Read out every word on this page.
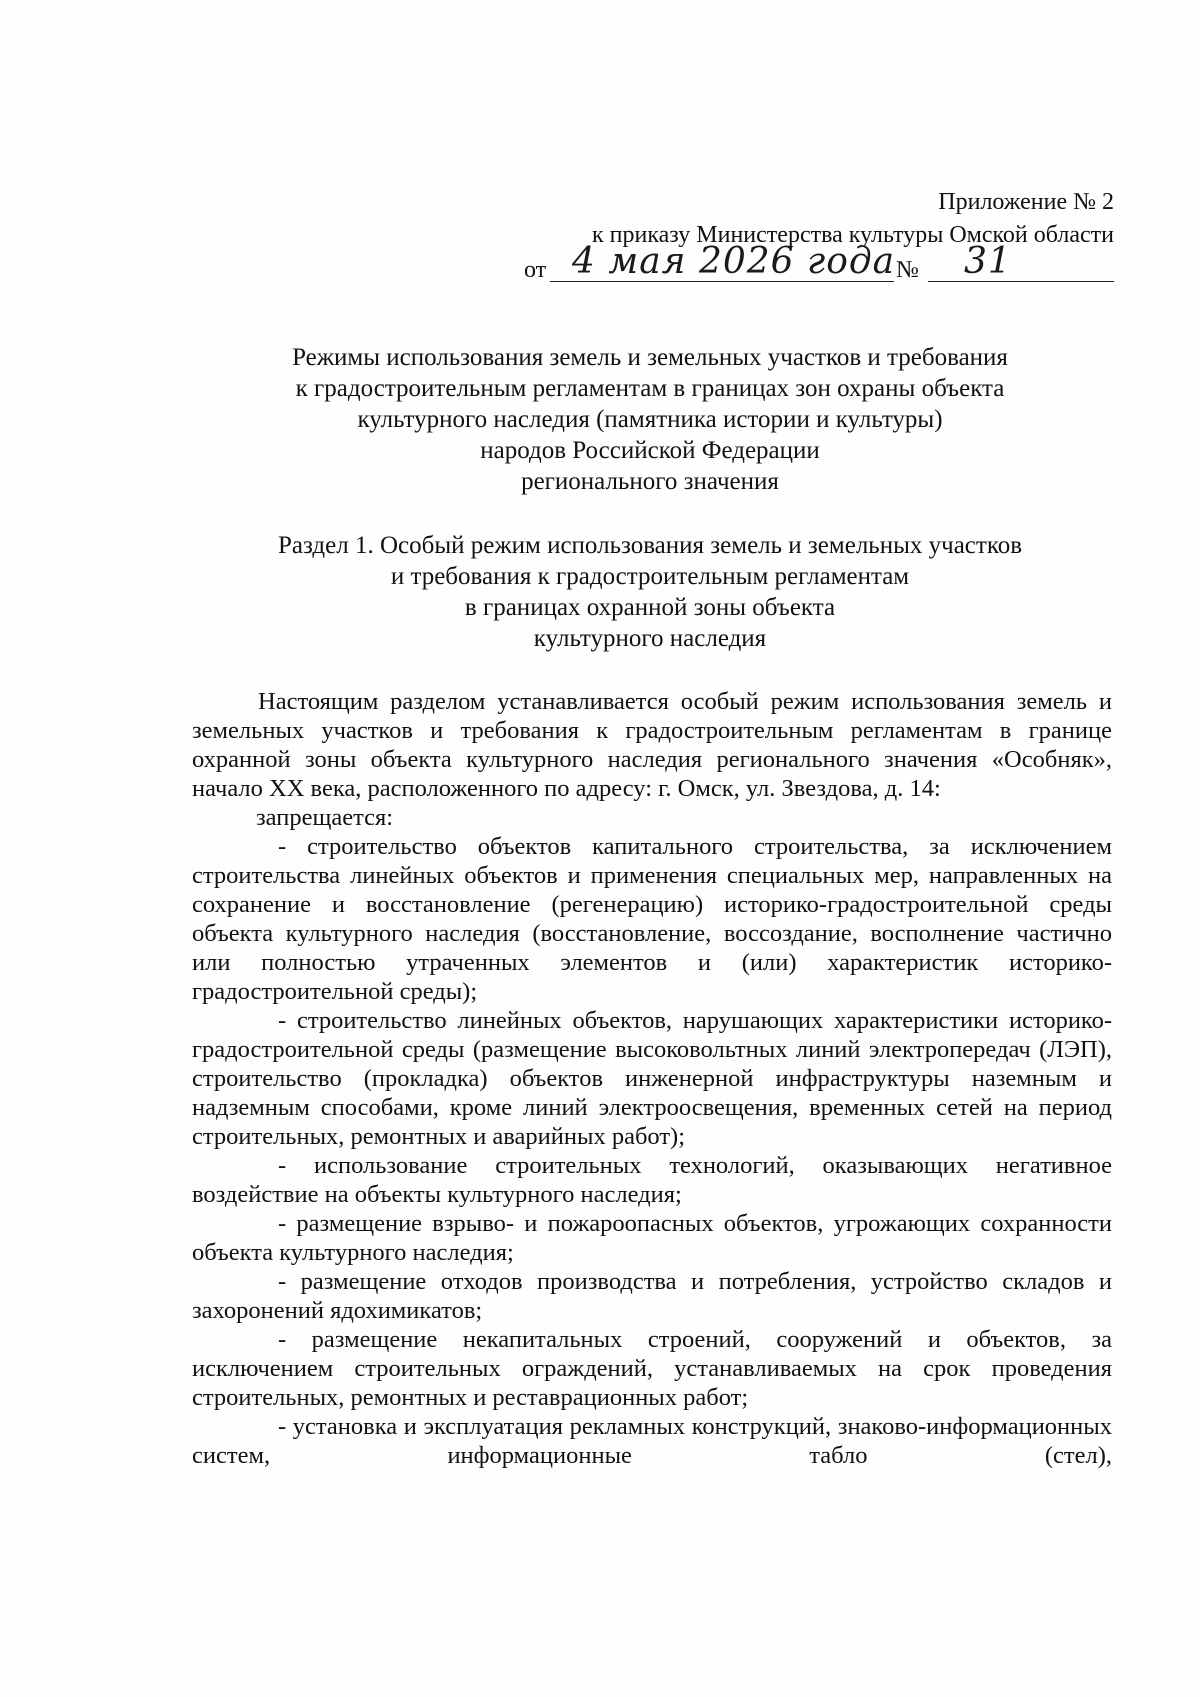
Приложение № 2
к приказу Министерства культуры Омской области
от 4 мая 2026 года № 31
Режимы использования земель и земельных участков и требования
к градостроительным регламентам в границах зон охраны объекта
культурного наследия (памятника истории и культуры)
народов Российской Федерации
регионального значения
Раздел 1. Особый режим использования земель и земельных участков
и требования к градостроительным регламентам
в границах охранной зоны объекта
культурного наследия

Настоящим разделом устанавливается особый режим использования земель и земельных участков и требования к градостроительным регламентам в границе охранной зоны объекта культурного наследия регионального значения «Особняк», начало XX века, расположенного по адресу: г. Омск, ул. Звездова, д. 14:

запрещается:

- строительство объектов капитального строительства, за исключением строительства линейных объектов и применения специальных мер, направленных на сохранение и восстановление (регенерацию) историко-градостроительной среды объекта культурного наследия (восстановление, воссоздание, восполнение частично или полностью утраченных элементов и (или) характеристик историко-градостроительной среды);

- строительство линейных объектов, нарушающих характеристики историко-градостроительной среды (размещение высоковольтных линий электропередач (ЛЭП), строительство (прокладка) объектов инженерной инфраструктуры наземным и надземным способами, кроме линий электроосвещения, временных сетей на период строительных, ремонтных и аварийных работ);

- использование строительных технологий, оказывающих негативное воздействие на объекты культурного наследия;

- размещение взрыво- и пожароопасных объектов, угрожающих сохранности объекта культурного наследия;

- размещение отходов производства и потребления, устройство складов и захоронений ядохимикатов;

- размещение некапитальных строений, сооружений и объектов, за исключением строительных ограждений, устанавливаемых на срок проведения строительных, ремонтных и реставрационных работ;

- установка и эксплуатация рекламных конструкций, знаково-информационных систем, информационные табло (стел),
